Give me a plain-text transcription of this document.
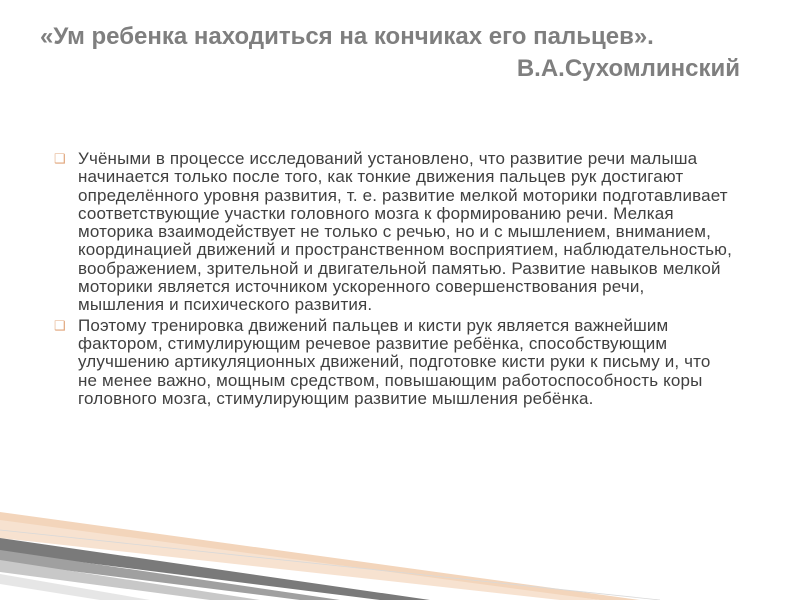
«Ум ребенка находиться на кончиках его пальцев».
В.А.Сухомлинский

❑ Учёными в процессе исследований установлено, что развитие речи малыша начинается только после того, как тонкие движения пальцев рук достигают определённого уровня развития, т. е. развитие мелкой моторики подготавливает соответствующие участки головного мозга к формированию речи. Мелкая моторика взаимодействует не только с речью, но и с мышлением, вниманием, координацией движений и пространственном восприятием, наблюдательностью, воображением, зрительной и двигательной памятью. Развитие навыков мелкой моторики является источником ускоренного совершенствования речи, мышления и психического развития.

❑ Поэтому тренировка движений пальцев и кисти рук является важнейшим фактором, стимулирующим речевое развитие ребёнка, способствующим улучшению артикуляционных движений, подготовке кисти руки к письму и, что не менее важно, мощным средством, повышающим работоспособность коры головного мозга, стимулирующим развитие мышления ребёнка.
